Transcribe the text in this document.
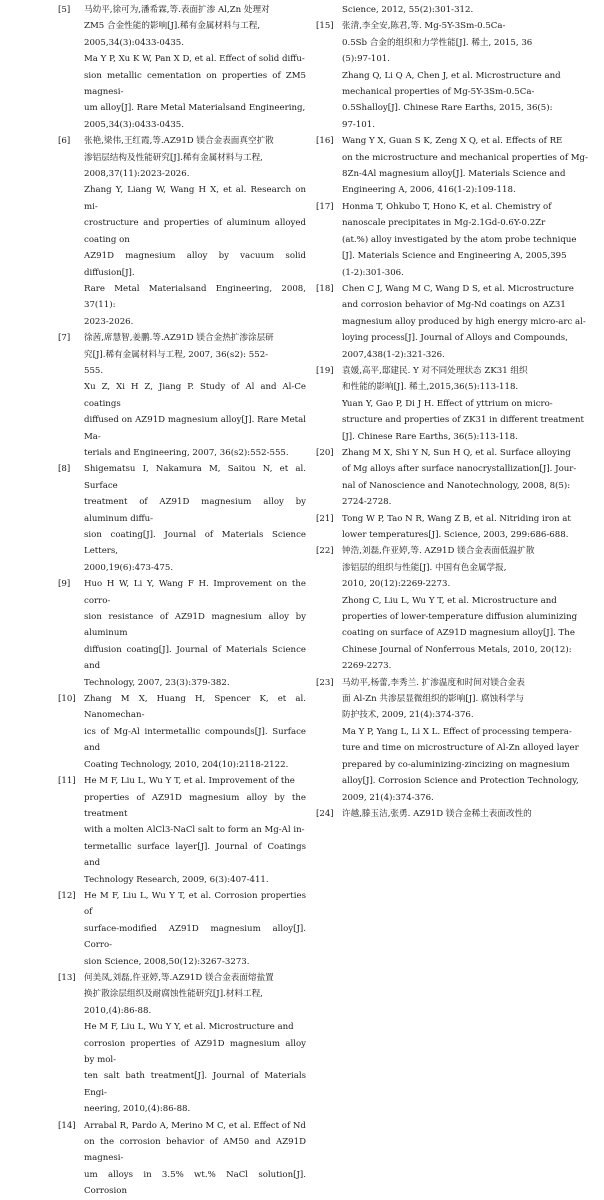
[5] 马幼平,徐可为,潘希霖,等.表面扩渗 Al,Zn 处理对
ZM5 合金性能的影响[J].稀有金属材料与工程,
2005,34(3):0433-0435.
Ma Y P, Xu K W, Pan X D, et al. Effect of solid diffu-
sion metallic cementation on properties of ZM5 magnesi-
um alloy[J]. Rare Metal Materialsand Engineering,
2005,34(3):0433-0435.
[6] 张艳,梁伟,王红霞,等.AZ91D 镁合金表面真空扩散
渗铝层结构及性能研究[J].稀有金属材料与工程,
2008,37(11):2023-2026.
Zhang Y, Liang W, Wang H X, et al. Research on mi-
crostructure and properties of aluminum alloyed coating on
AZ91D magnesium alloy by vacuum solid diffusion[J].
Rare Metal Materialsand Engineering, 2008, 37(11):
2023-2026.
[7] 徐茜,席慧智,姜鹏.等.AZ91D 镁合金热扩渗涂层研
究[J].稀有金属材料与工程, 2007, 36(s2): 552-
555.
Xu Z, Xi H Z, Jiang P. Study of Al and Al-Ce coatings
diffused on AZ91D magnesium alloy[J]. Rare Metal Ma-
terials and Engineering, 2007, 36(s2):552-555.
[8] Shigematsu I, Nakamura M, Saitou N, et al. Surface
treatment of AZ91D magnesium alloy by aluminum diffu-
sion coating[J]. Journal of Materials Science Letters,
2000,19(6):473-475.
[9] Huo H W, Li Y, Wang F H. Improvement on the corro-
sion resistance of AZ91D magnesium alloy by aluminum
diffusion coating[J]. Journal of Materials Science and
Technology, 2007, 23(3):379-382.
[10] Zhang M X, Huang H, Spencer K, et al. Nanomechan-
ics of Mg-Al intermetallic compounds[J]. Surface and
Coating Technology, 2010, 204(10):2118-2122.
[11] He M F, Liu L, Wu Y T, et al. Improvement of the
properties of AZ91D magnesium alloy by the treatment
with a molten AlCl3-NaCl salt to form an Mg-Al in-
termetallic surface layer[J]. Journal of Coatings and
Technology Research, 2009, 6(3):407-411.
[12] He M F, Liu L, Wu Y T, et al. Corrosion properties of
surface-modified AZ91D magnesium alloy[J]. Corro-
sion Science, 2008,50(12):3267-3273.
[13] 何美凤,刘磊,仵亚婷,等.AZ91D 镁合金表面熔盐置
换扩散涂层组织及耐腐蚀性能研究[J].材料工程,
2010,(4):86-88.
He M F, Liu L, Wu Y Y, et al. Microstructure and
corrosion properties of AZ91D magnesium alloy by mol-
ten salt bath treatment[J]. Journal of Materials Engi-
neering, 2010,(4):86-88.
[14] Arrabal R, Pardo A, Merino M C, et al. Effect of Nd
on the corrosion behavior of AM50 and AZ91D magnesi-
um alloys in 3.5% wt.% NaCl solution[J]. Corrosion
Science, 2012, 55(2):301-312.
[15] 张清,李全安,陈君,等. Mg-5Y-3Sm-0.5Ca-
0.5Sb 合金的组织和力学性能[J]. 稀土, 2015, 36
(5):97-101.
Zhang Q, Li Q A, Chen J, et al. Microstructure and
mechanical properties of Mg-5Y-3Sm-0.5Ca-
0.5Shalloy[J]. Chinese Rare Earths, 2015, 36(5):
97-101.
[16] Wang Y X, Guan S K, Zeng X Q, et al. Effects of RE
on the microstructure and mechanical properties of Mg-
8Zn-4Al magnesium alloy[J]. Materials Science and
Engineering A, 2006, 416(1-2):109-118.
[17] Honma T, Ohkubo T, Hono K, et al. Chemistry of
nanoscale precipitates in Mg-2.1Gd-0.6Y-0.2Zr
(at.%) alloy investigated by the atom probe technique
[J]. Materials Science and Engineering A, 2005,395
(1-2):301-306.
[18] Chen C J, Wang M C, Wang D S, et al. Microstructure
and corrosion behavior of Mg-Nd coatings on AZ31
magnesium alloy produced by high energy micro-arc al-
loying process[J]. Journal of Alloys and Compounds,
2007,438(1-2):321-326.
[19] 袁媛,高平,邸建民. Y 对不同处理状态 ZK31 组织
和性能的影响[J]. 稀土,2015,36(5):113-118.
Yuan Y, Gao P, Di J H. Effect of yttrium on micro-
structure and properties of ZK31 in different treatment
[J]. Chinese Rare Earths, 36(5):113-118.
[20] Zhang M X, Shi Y N, Sun H Q, et al. Surface alloying
of Mg alloys after surface nanocrystallization[J]. Jour-
nal of Nanoscience and Nanotechnology, 2008, 8(5):
2724-2728.
[21] Tong W P, Tao N R, Wang Z B, et al. Nitriding iron at
lower temperatures[J]. Science, 2003, 299:686-688.
[22] 钟浩,刘磊,仵亚婷,等. AZ91D 镁合金表面低温扩散
渗铝层的组织与性能[J]. 中国有色金属学报,
2010, 20(12):2269-2273.
Zhong C, Liu L, Wu Y T, et al. Microstructure and
properties of lower-temperature diffusion aluminizing
coating on surface of AZ91D magnesium alloy[J]. The
Chinese Journal of Nonferrous Metals, 2010, 20(12):
2269-2273.
[23] 马幼平,杨蕾,李秀兰. 扩渗温度和时间对镁合金表
面 Al-Zn 共渗层显微组织的影响[J]. 腐蚀科学与
防护技术, 2009, 21(4):374-376.
Ma Y P, Yang L, Li X L. Effect of processing tempera-
ture and time on microstructure of Al-Zn alloyed layer
prepared by co-aluminizing-zincizing on magnesium
alloy[J]. Corrosion Science and Protection Technology,
2009, 21(4):374-376.
[24] 许越,滕玉洁,张勇. AZ91D 镁合金稀土表面改性的
